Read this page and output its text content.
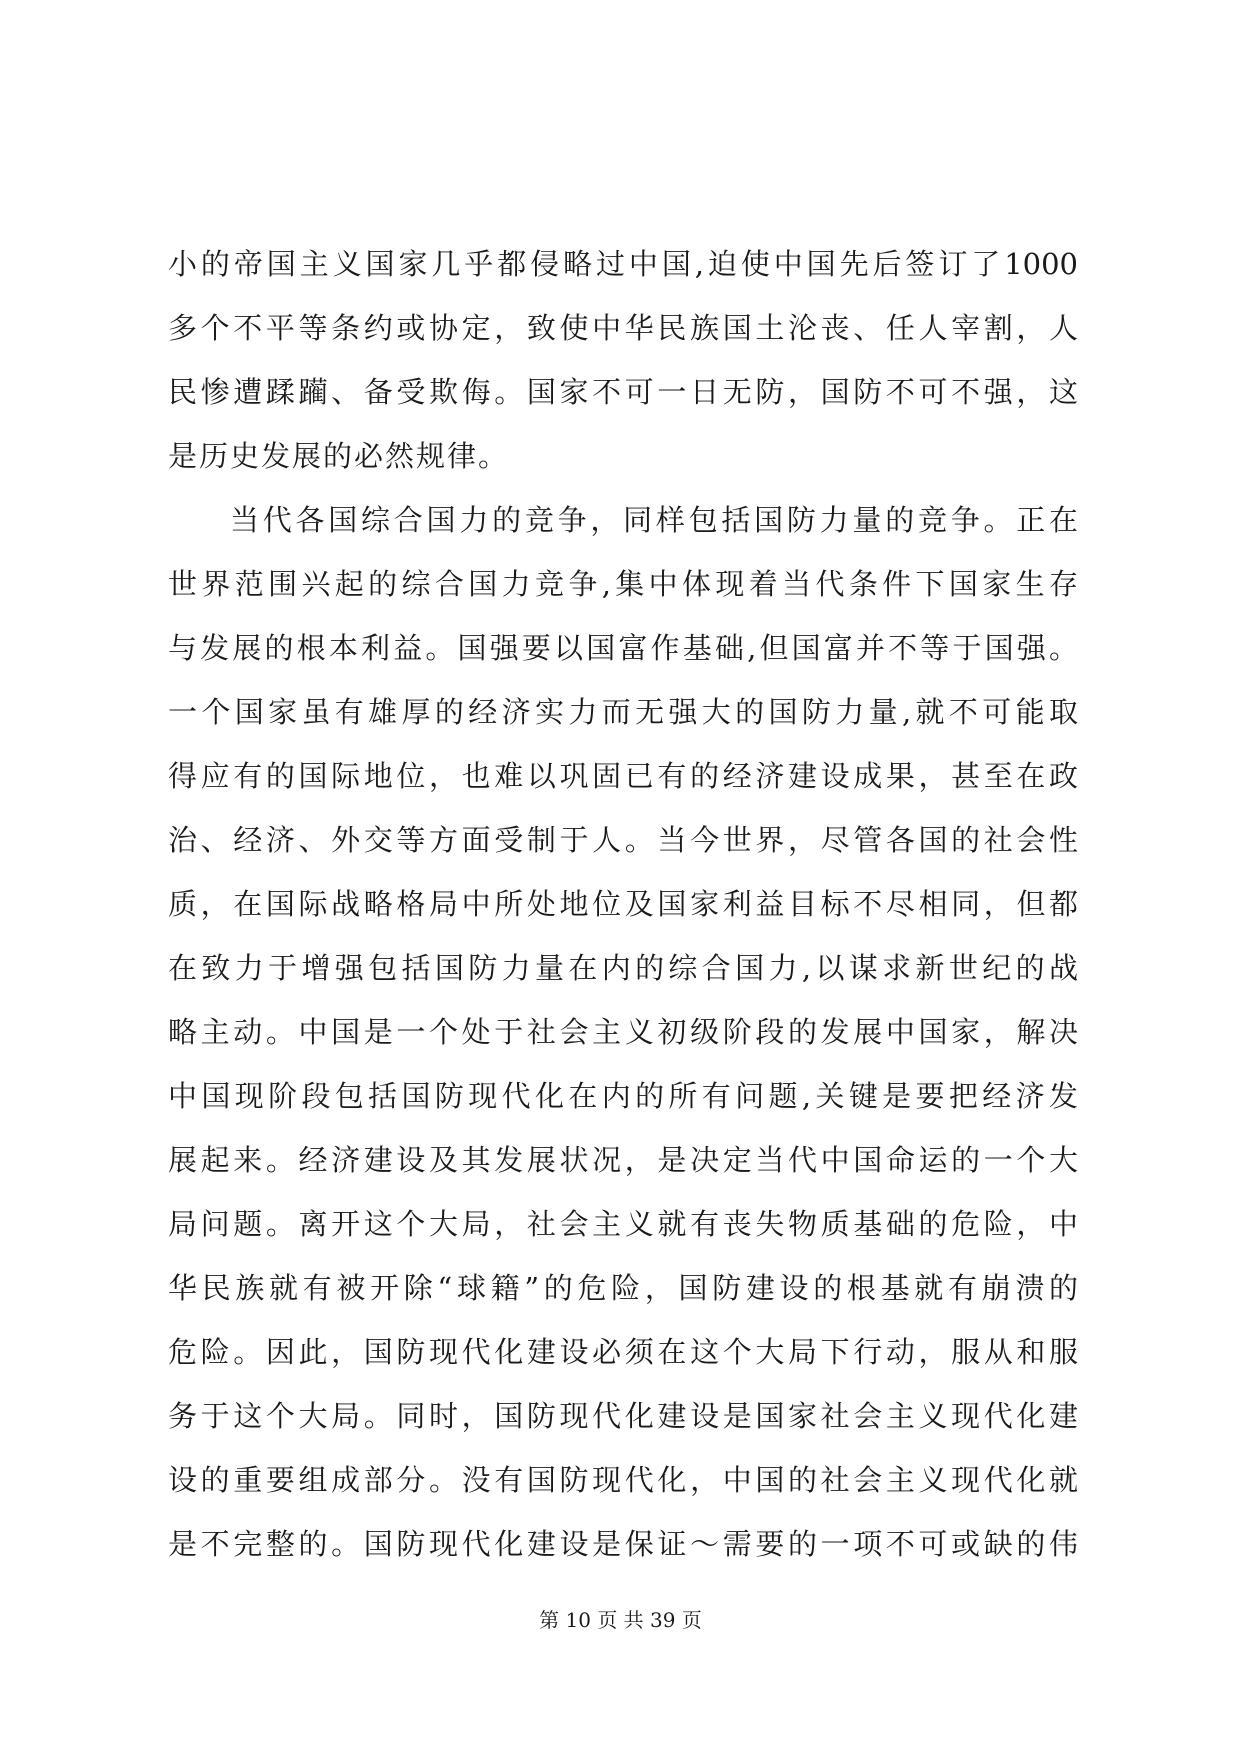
小的帝国主义国家几乎都侵略过中国,迫使中国先后签订了1000
多个不平等条约或协定，致使中华民族国土沦丧、任人宰割，人
民惨遭蹂躏、备受欺侮。国家不可一日无防，国防不可不强，这
是历史发展的必然规律。
当代各国综合国力的竞争，同样包括国防力量的竞争。正在
世界范围兴起的综合国力竞争,集中体现着当代条件下国家生存
与发展的根本利益。国强要以国富作基础,但国富并不等于国强。
一个国家虽有雄厚的经济实力而无强大的国防力量,就不可能取
得应有的国际地位，也难以巩固已有的经济建设成果，甚至在政
治、经济、外交等方面受制于人。当今世界，尽管各国的社会性
质，在国际战略格局中所处地位及国家利益目标不尽相同，但都
在致力于增强包括国防力量在内的综合国力,以谋求新世纪的战
略主动。中国是一个处于社会主义初级阶段的发展中国家，解决
中国现阶段包括国防现代化在内的所有问题,关键是要把经济发
展起来。经济建设及其发展状况，是决定当代中国命运的一个大
局问题。离开这个大局，社会主义就有丧失物质基础的危险，中
华民族就有被开除“球籍”的危险，国防建设的根基就有崩溃的
危险。因此，国防现代化建设必须在这个大局下行动，服从和服
务于这个大局。同时，国防现代化建设是国家社会主义现代化建
设的重要组成部分。没有国防现代化，中国的社会主义现代化就
是不完整的。国防现代化建设是保证～需要的一项不可或缺的伟
第 10 页 共 39 页
